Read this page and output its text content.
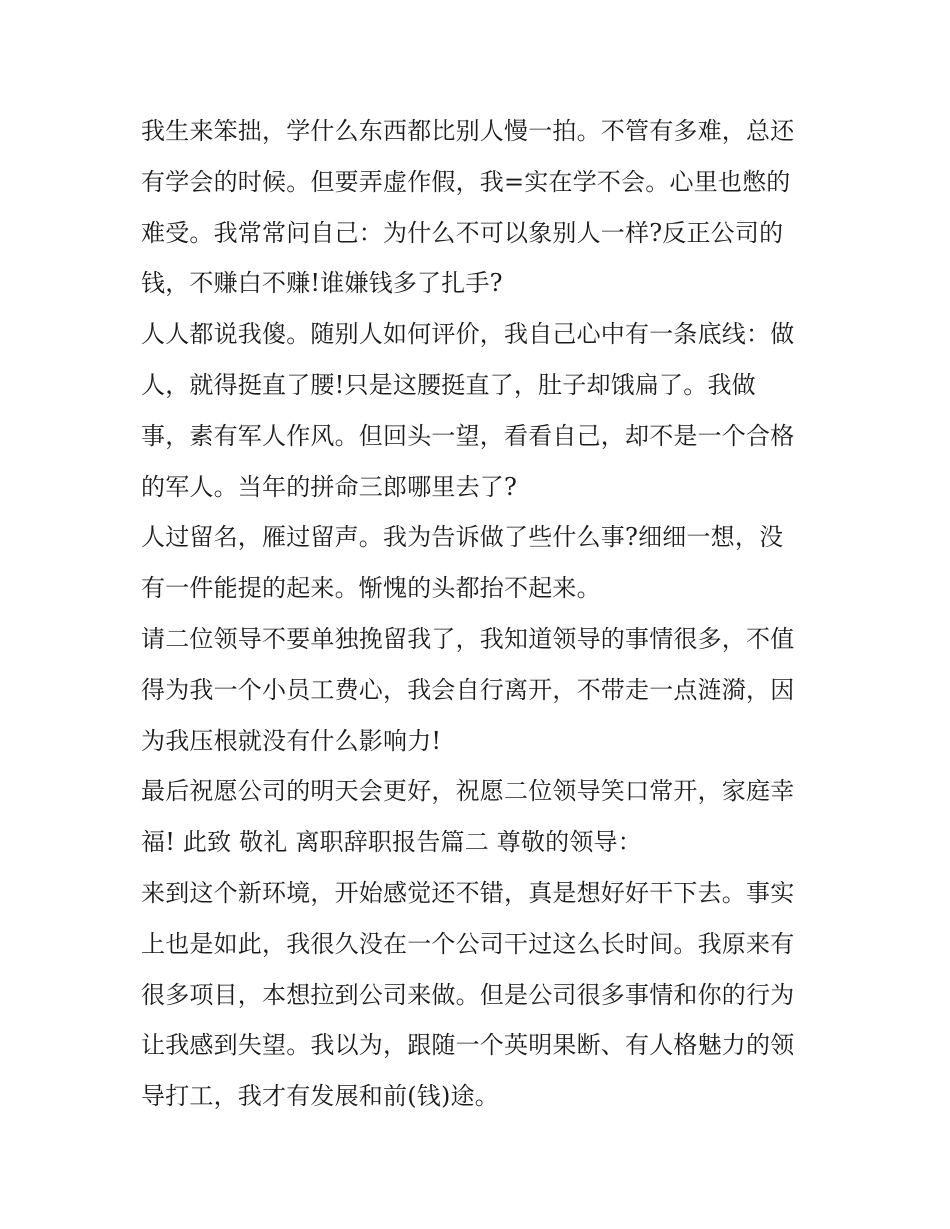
我生来笨拙，学什么东西都比别人慢一拍。不管有多难，总还
有学会的时候。但要弄虚作假，我=实在学不会。心里也憋的
难受。我常常问自己：为什么不可以象别人一样?反正公司的
钱，不赚白不赚!谁嫌钱多了扎手?
人人都说我傻。随别人如何评价，我自己心中有一条底线：做
人，就得挺直了腰!只是这腰挺直了，肚子却饿扁了。我做
事，素有军人作风。但回头一望，看看自己，却不是一个合格
的军人。当年的拼命三郎哪里去了?
人过留名，雁过留声。我为告诉做了些什么事?细细一想，没
有一件能提的起来。惭愧的头都抬不起来。
请二位领导不要单独挽留我了，我知道领导的事情很多，不值
得为我一个小员工费心，我会自行离开，不带走一点涟漪，因
为我压根就没有什么影响力!
最后祝愿公司的明天会更好，祝愿二位领导笑口常开，家庭幸
福! 此致 敬礼 离职辞职报告篇二 尊敬的领导：
来到这个新环境，开始感觉还不错，真是想好好干下去。事实
上也是如此，我很久没在一个公司干过这么长时间。我原来有
很多项目，本想拉到公司来做。但是公司很多事情和你的行为
让我感到失望。我以为，跟随一个英明果断、有人格魅力的领
导打工，我才有发展和前(钱)途。
